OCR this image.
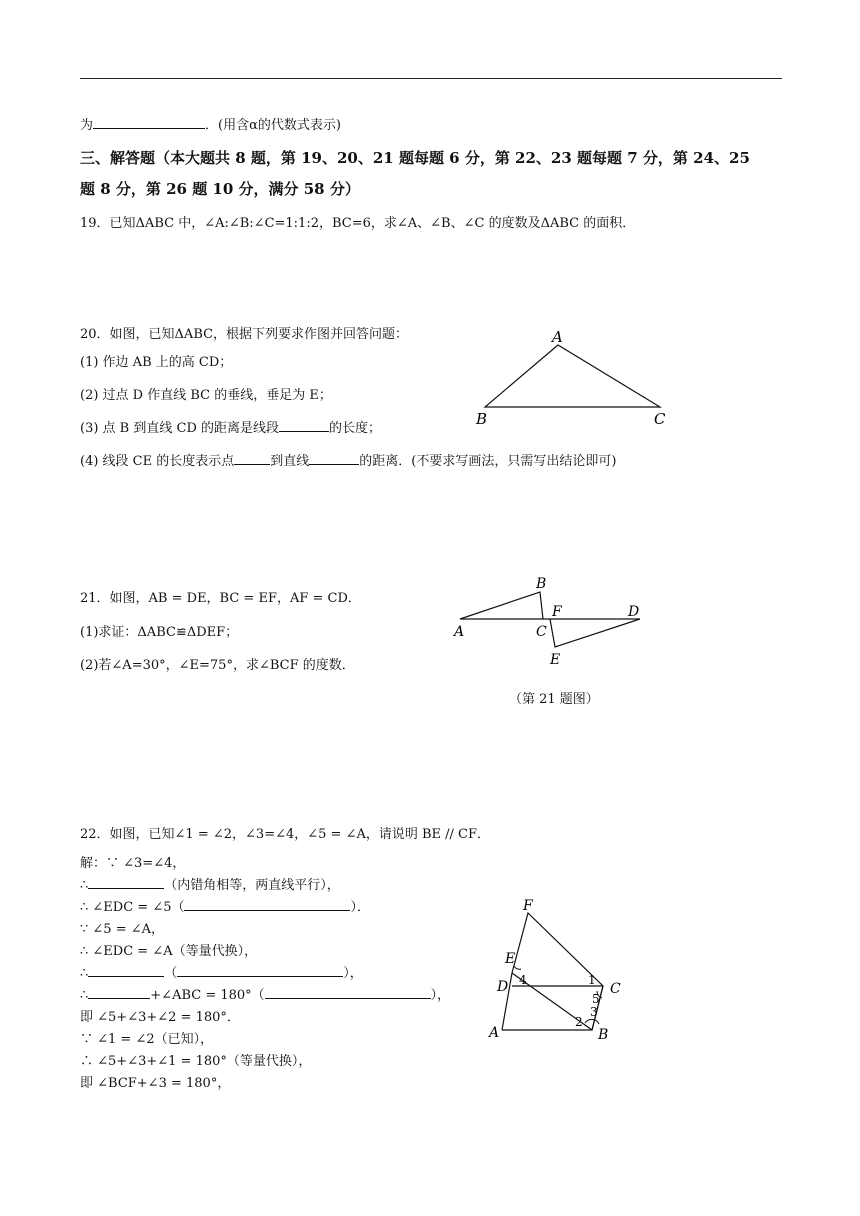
为	．(用含α的代数式表示)
三、解答题（本大题共 8 题，第 19、20、21 题每题 6 分，第 22、23 题每题 7 分，第 24、25
题 8 分，第 26 题 10 分，满分 58 分）
19．已知ΔABC 中，∠A:∠B:∠C=1:1:2，BC=6，求∠A、∠B、∠C 的度数及ΔABC 的面积．
20．如图，已知ΔABC，根据下列要求作图并回答问题：
(1) 作边 AB 上的高 CD；
(2) 过点 D 作直线 BC 的垂线，垂足为 E；
(3) 点 B 到直线 CD 的距离是线段	的长度；
(4) 线段 CE 的长度表示点	到直线	的距离．(不要求写画法，只需写出结论即可)
A
B	C
21．如图，AB = DE，BC = EF，AF = CD．
(1)求证：ΔABC≌ΔDEF；
(2)若∠A=30°，∠E=75°，求∠BCF 的度数．
B
A	C
F	D
E
（第 21 题图）
22．如图，已知∠1 = ∠2，∠3=∠4，∠5 = ∠A，请说明 BE // CF．
解：∵ ∠3=∠4，
∴	（内错角相等，两直线平行），
∴ ∠EDC = ∠5（	）．
∵ ∠5 = ∠A，
∴ ∠EDC = ∠A（等量代换），
∴	（	），
∴	+∠ABC = 180°（	），
即 ∠5+∠3+∠2 = 180°．
∵ ∠1 = ∠2（已知），
∴ ∠5+∠3+∠1 = 180°（等量代换），
即 ∠BCF+∠3 = 180°，
F
E
D	C
A	B
4	1
5
3
2
